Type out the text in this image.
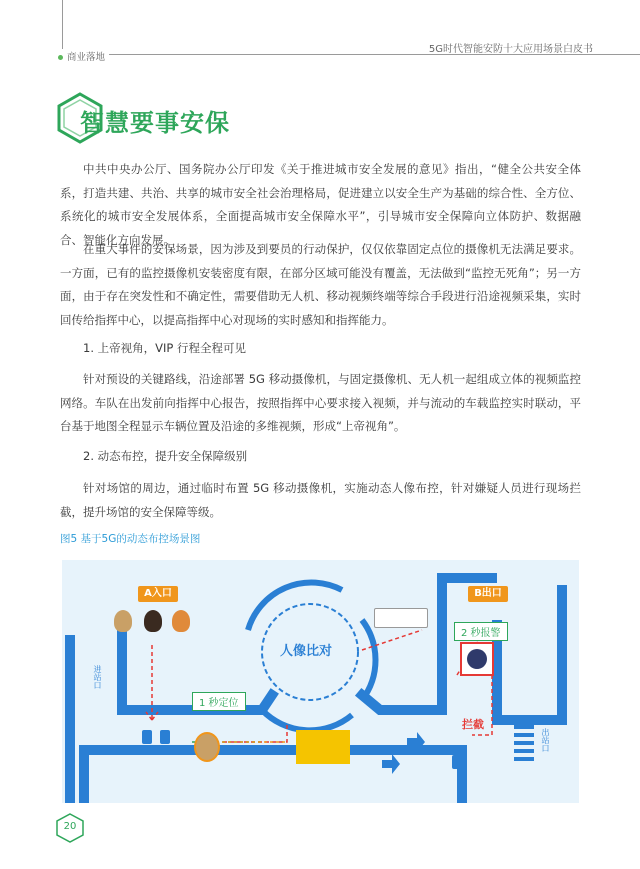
商业落地
5G时代智能安防十大应用场景白皮书
智慧要事安保

中共中央办公厅、国务院办公厅印发《关于推进城市安全发展的意见》指出，“健全公共安全体系，打造共建、共治、共享的城市安全社会治理格局，促进建立以安全生产为基础的综合性、全方位、系统化的城市安全发展体系，全面提高城市安全保障水平”，引导城市安全保障向立体防护、数据融合、智能化方向发展。

在重大事件的安保场景，因为涉及到要员的行动保护，仅仅依靠固定点位的摄像机无法满足要求。一方面，已有的监控摄像机安装密度有限，在部分区域可能没有覆盖，无法做到“监控无死角”；另一方面，由于存在突发性和不确定性，需要借助无人机、移动视频终端等综合手段进行沿途视频采集，实时回传给指挥中心，以提高指挥中心对现场的实时感知和指挥能力。

1. 上帝视角，VIP 行程全程可见

针对预设的关键路线，沿途部署 5G 移动摄像机，与固定摄像机、无人机一起组成立体的视频监控网络。车队在出发前向指挥中心报告，按照指挥中心要求接入视频，并与流动的车载监控实时联动，平台基于地图全程显示车辆位置及沿途的多维视频，形成“上帝视角”。

2. 动态布控，提升安全保障级别

针对场馆的周边，通过临时布置 5G 移动摄像机，实施动态人像布控，针对嫌疑人员进行现场拦截，提升场馆的安全保障等级。

图5 基于5G的动态布控场景图
A入口	B出口
进站口
出站口
人像比对
1 秒定位
2 秒报警
拦截
20
